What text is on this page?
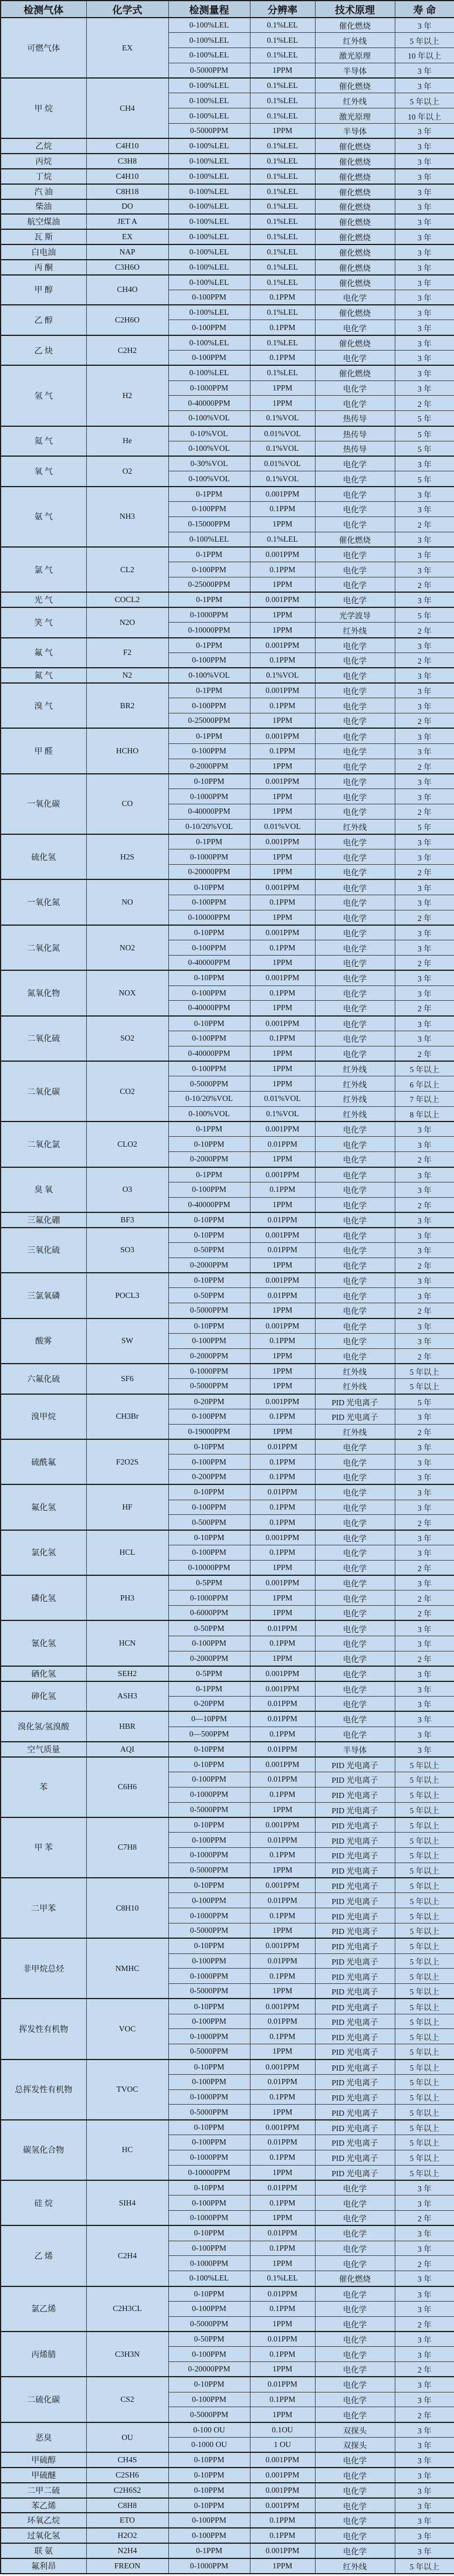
检测气体	化学式	检测量程	分辨率	技术原理	寿 命
可燃气体	EX	0-100%LEL	0.1%LEL	催化燃烧	3 年
		0-100%LEL	0.1%LEL	红外线	5 年以上
		0-100%LEL	0.1%LEL	激光原理	10 年以上
		0-5000PPM	1PPM	半导体	3 年
甲 烷	CH4	0-100%LEL	0.1%LEL	催化燃烧	3 年
		0-100%LEL	0.1%LEL	红外线	5 年以上
		0-100%LEL	0.1%LEL	激光原理	10 年以上
		0-5000PPM	1PPM	半导体	3 年
乙烷	C4H10	0-100%LEL	0.1%LEL	催化燃烧	3 年
丙烷	C3H8	0-100%LEL	0.1%LEL	催化燃烧	3 年
丁烷	C4H10	0-100%LEL	0.1%LEL	催化燃烧	3 年
汽 油	C8H18	0-100%LEL	0.1%LEL	催化燃烧	3 年
柴油	DO	0-100%LEL	0.1%LEL	催化燃烧	3 年
航空煤油	JET A	0-100%LEL	0.1%LEL	催化燃烧	3 年
瓦 斯	EX	0-100%LEL	0.1%LEL	催化燃烧	3 年
白电油	NAP	0-100%LEL	0.1%LEL	催化燃烧	3 年
丙 酮	C3H6O	0-100%LEL	0.1%LEL	催化燃烧	3 年
甲 醇	CH4O	0-100%LEL	0.1%LEL	催化燃烧	3 年
		0-100PPM	0.1PPM	电化学	3 年
乙 醇	C2H6O	0-100%LEL	0.1%LEL	催化燃烧	3 年
		0-100PPM	0.1PPM	电化学	3 年
乙 炔	C2H2	0-100%LEL	0.1%LEL	催化燃烧	3 年
		0-100PPM	0.1PPM	电化学	3 年
氢 气	H2	0-100%LEL	0.1%LEL	催化燃烧	3 年
		0-1000PPM	1PPM	电化学	3 年
		0-40000PPM	1PPM	电化学	2 年
		0-100%VOL	0.1%VOL	热传导	5 年
氦 气	He	0-10%VOL	0.01%VOL	热传导	5 年
		0-100%VOL	0.1%VOL	热传导	5 年
氧 气	O2	0-30%VOL	0.01%VOL	电化学	3 年
		0-100%VOL	0.1%VOL	电化学	5 年
氨 气	NH3	0-1PPM	0.001PPM	电化学	3 年
		0-100PPM	0.1PPM	电化学	3 年
		0-15000PPM	1PPM	电化学	2 年
		0-100%LEL	0.1%LEL	催化燃烧	3 年
氯 气	CL2	0-1PPM	0.001PPM	电化学	3 年
		0-100PPM	0.1PPM	电化学	3 年
		0-25000PPM	1PPM	电化学	2 年
光 气	COCL2	0-1PPM	0.001PPM	电化学	3 年
笑 气	N2O	0-1000PPM	1PPM	光学波导	5 年
		0-10000PPM	1PPM	红外线	2 年
氟 气	F2	0-1PPM	0.001PPM	电化学	3 年
		0-100PPM	0.1PPM	电化学	2 年
氮 气	N2	0-100%VOL	0.1%VOL	电化学	3 年
溴 气	BR2	0-1PPM	0.001PPM	电化学	3 年
		0-100PPM	0.1PPM	电化学	3 年
		0-25000PPM	1PPM	电化学	2 年
甲 醛	HCHO	0-1PPM	0.001PPM	电化学	3 年
		0-100PPM	0.1PPM	电化学	3 年
		0-2000PPM	1PPM	电化学	2 年
一氧化碳	CO	0-10PPM	0.001PPM	电化学	3 年
		0-1000PPM	1PPM	电化学	3 年
		0-40000PPM	1PPM	电化学	2 年
		0-10/20%VOL	0.01%VOL	红外线	5 年
硫化氢	H2S	0-1PPM	0.001PPM	电化学	3 年
		0-1000PPM	1PPM	电化学	3 年
		0-20000PPM	1PPM	电化学	2 年
一氧化氮	NO	0-10PPM	0.001PPM	电化学	3 年
		0-100PPM	0.1PPM	电化学	3 年
		0-10000PPM	1PPM	电化学	2 年
二氧化氮	NO2	0-10PPM	0.001PPM	电化学	3 年
		0-100PPM	0.1PPM	电化学	3 年
		0-40000PPM	1PPM	电化学	2 年
氮氧化物	NOX	0-10PPM	0.001PPM	电化学	3 年
		0-100PPM	0.1PPM	电化学	3 年
		0-40000PPM	1PPM	电化学	2 年
二氧化硫	SO2	0-10PPM	0.001PPM	电化学	3 年
		0-100PPM	0.1PPM	电化学	3 年
		0-40000PPM	1PPM	电化学	2 年
二氧化碳	CO2	0-100PPM	1PPM	红外线	5 年以上
		0-5000PPM	1PPM	红外线	6 年以上
		0-10/20%VOL	0.01%VOL	红外线	7 年以上
		0-100%VOL	0.1%VOL	红外线	8 年以上
二氧化氯	CLO2	0-1PPM	0.001PPM	电化学	3 年
		0-10PPM	0.01PPM	电化学	3 年
		0-2000PPM	1PPM	电化学	2 年
臭 氧	O3	0-1PPM	0.001PPM	电化学	3 年
		0-100PPM	0.1PPM	电化学	3 年
		0-40000PPM	1PPM	电化学	2 年
三氟化硼	BF3	0-10PPM	0.01PPM	电化学	3 年
三氧化硫	SO3	0-10PPM	0.001PPM	电化学	3 年
		0-50PPM	0.01PPM	电化学	3 年
		0-2000PPM	1PPM	电化学	2 年
三氯氧磷	POCL3	0-10PPM	0.001PPM	电化学	3 年
		0-50PPM	0.01PPM	电化学	3 年
		0-5000PPM	1PPM	电化学	2 年
酸雾	SW	0-10PPM	0.001PPM	电化学	3 年
		0-100PPM	0.1PPM	电化学	3 年
		0-2000PPM	1PPM	电化学	2 年
六氟化硫	SF6	0-1000PPM	1PPM	红外线	5 年以上
		0-5000PPM	1PPM	红外线	5 年以上
溴甲烷	CH3Br	0-20PPM	0.001PPM	PID 光电离子	5 年
		0-100PPM	0.1PPM	PID 光电离子	3 年
		0-19000PPM	1PPM	红外线	2 年
硫酰氟	F2O2S	0-10PPM	0.01PPM	电化学	3 年
		0-100PPM	0.1PPM	电化学	3 年
		0-200PPM	0.1PPM	电化学	3 年
氟化氢	HF	0-10PPM	0.01PPM	电化学	3 年
		0-100PPM	0.1PPM	电化学	3 年
		0-500PPM	0.1PPM	电化学	2 年
氯化氢	HCL	0-10PPM	0.001PPM	电化学	3 年
		0-100PPM	0.1PPM	电化学	3 年
		0-10000PPM	1PPM	电化学	2 年
磷化氢	PH3	0-5PPM	0.001PPM	电化学	3 年
		0-1000PPM	1PPM	电化学	2 年
		0-6000PPM	1PPM	电化学	2 年
氰化氢	HCN	0-50PPM	0.01PPM	电化学	3 年
		0-100PPM	0.1PPM	电化学	3 年
		0-2000PPM	1PPM	电化学	2 年
硒化氢	SEH2	0-5PPM	0.001PPM	电化学	3 年
砷化氢	ASH3	0-1PPM	0.001PPM	电化学	3 年
		0-20PPM	0.01PPM	电化学	3 年
溴化氢/氢溴酸	HBR	0—10PPM	0.01PPM	电化学	3 年
		0—500PPM	0.1PPM	电化学	3 年
空气质量	AQI	0-10PPM	0.01PPM	半导体	3 年
苯	C6H6	0-10PPM	0.001PPM	PID 光电离子	5 年以上
		0-100PPM	0.01PPM	PID 光电离子	5 年以上
		0-1000PPM	0.1PPM	PID 光电离子	5 年以上
		0-5000PPM	1PPM	PID 光电离子	5 年以上
甲 苯	C7H8	0-10PPM	0.001PPM	PID 光电离子	5 年以上
		0-100PPM	0.01PPM	PID 光电离子	5 年以上
		0-1000PPM	0.1PPM	PID 光电离子	5 年以上
		0-5000PPM	1PPM	PID 光电离子	5 年以上
二甲苯	C8H10	0-10PPM	0.001PPM	PID 光电离子	5 年以上
		0-100PPM	0.01PPM	PID 光电离子	5 年以上
		0-1000PPM	0.1PPM	PID 光电离子	5 年以上
		0-5000PPM	1PPM	PID 光电离子	5 年以上
非甲烷总烃	NMHC	0-10PPM	0.001PPM	PID 光电离子	5 年以上
		0-100PPM	0.01PPM	PID 光电离子	5 年以上
		0-1000PPM	0.1PPM	PID 光电离子	5 年以上
		0-5000PPM	1PPM	PID 光电离子	5 年以上
挥发性有机物	VOC	0-10PPM	0.001PPM	PID 光电离子	5 年以上
		0-100PPM	0.01PPM	PID 光电离子	5 年以上
		0-1000PPM	0.1PPM	PID 光电离子	5 年以上
		0-5000PPM	1PPM	PID 光电离子	5 年以上
总挥发性有机物	TVOC	0-10PPM	0.001PPM	PID 光电离子	5 年以上
		0-100PPM	0.01PPM	PID 光电离子	5 年以上
		0-1000PPM	0.1PPM	PID 光电离子	5 年以上
		0-5000PPM	1PPM	PID 光电离子	5 年以上
碳氢化合物	HC	0-10PPM	0.001PPM	PID 光电离子	5 年以上
		0-100PPM	0.01PPM	PID 光电离子	5 年以上
		0-1000PPM	0.1PPM	PID 光电离子	5 年以上
		0-10000PPM	1PPM	PID 光电离子	5 年以上
硅 烷	SIH4	0-10PPM	0.01PPM	电化学	3 年
		0-100PPM	0.1PPM	电化学	3 年
		0-1000PPM	1PPM	电化学	2 年
乙 烯	C2H4	0-10PPM	0.01PPM	电化学	3 年
		0-100PPM	0.1PPM	电化学	3 年
		0-1000PPM	1PPM	电化学	2 年
		0-100%LEL	0.1%LEL	催化燃烧	3 年
氯乙烯	C2H3CL	0-10PPM	0.01PPM	电化学	3 年
		0-100PPM	0.1PPM	电化学	3 年
		0-5000PPM	1PPM	电化学	2 年
丙烯腈	C3H3N	0-50PPM	0.01PPM	电化学	3 年
		0-100PPM	0.1PPM	电化学	3 年
		0-20000PPM	1PPM	电化学	2 年
二硫化碳	CS2	0-10PPM	0.01PPM	电化学	3 年
		0-100PPM	0.1PPM	电化学	3 年
		0-5000PPM	1PPM	电化学	2 年
恶臭	OU	0-100 OU	0.1OU	双探头	3 年
		0-1000 OU	1 OU	双探头	3 年
甲硫醇	CH4S	0-10PPM	0.001PPM	电化学	3 年
甲硫醚	C2SH6	0-10PPM	0.001PPM	电化学	3 年
二甲二硫	C2H6S2	0-10PPM	0.001PPM	电化学	3 年
苯乙烯	C8H8	0-10PPM	0.001PPM	电化学	3 年
环氧乙烷	ETO	0-100PPM	0.1PPM	电化学	3 年
过氧化氢	H2O2	0-100PPM	0.1PPM	电化学	3 年
联 氨	N2H4	0-1PPM	0.001PPM	电化学	3 年
氟利昂	FREON	0-1000PPM	1PPM	红外线	5 年以上
